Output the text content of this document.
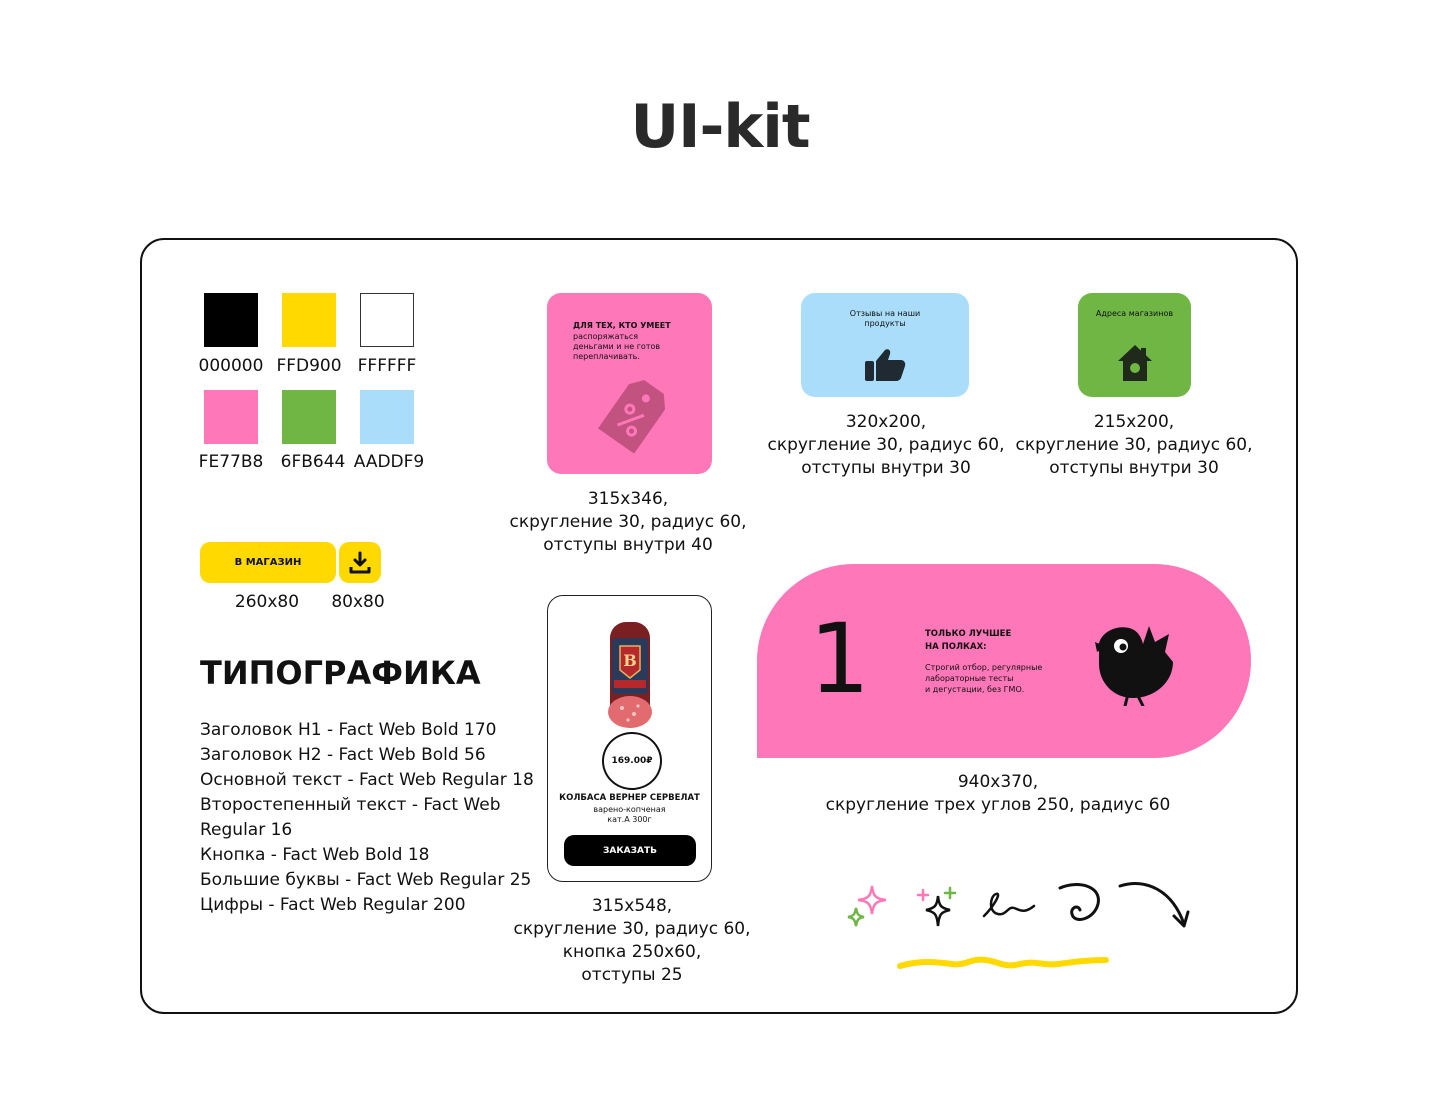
UI-kit
000000 FFD900 FFFFFF
FE77B8	6FB644 AADDF9
В МАГАЗИН
260x80	80x80
ТИПОГРАФИКА
Заголовок H1 - Fact Web Bold 170
Заголовок H2 - Fact Web Bold 56
Основной текст - Fact Web Regular 18
Второстепенный текст - Fact Web Regular 16
Кнопка - Fact Web Bold 18
Большие буквы - Fact Web Regular 25
Цифры - Fact Web Regular 200
ДЛЯ ТЕХ, КТО УМЕЕТ
распоряжаться деньгами и не готов переплачивать.
315x346,
скругление 30, радиус 60,
отступы внутри 40
Отзывы на наши продукты
320x200,
скругление 30, радиус 60,
отступы внутри 30
Адреса магазинов
215x200,
скругление 30, радиус 60,
отступы внутри 30
B
169.00₽
КОЛБАСА ВЕРНЕР СЕРВЕЛАТ
варено-копченая
кат.А 300г
ЗАКАЗАТЬ
315x548,
скругление 30, радиус 60,
кнопка 250x60,
отступы 25
1	ТОЛЬКО ЛУЧШЕЕ
НА ПОЛКАХ:
Строгий отбор, регулярные
лабораторные тесты
и дегустации, без ГМО.
940x370,
скругление трех углов 250, радиус 60
